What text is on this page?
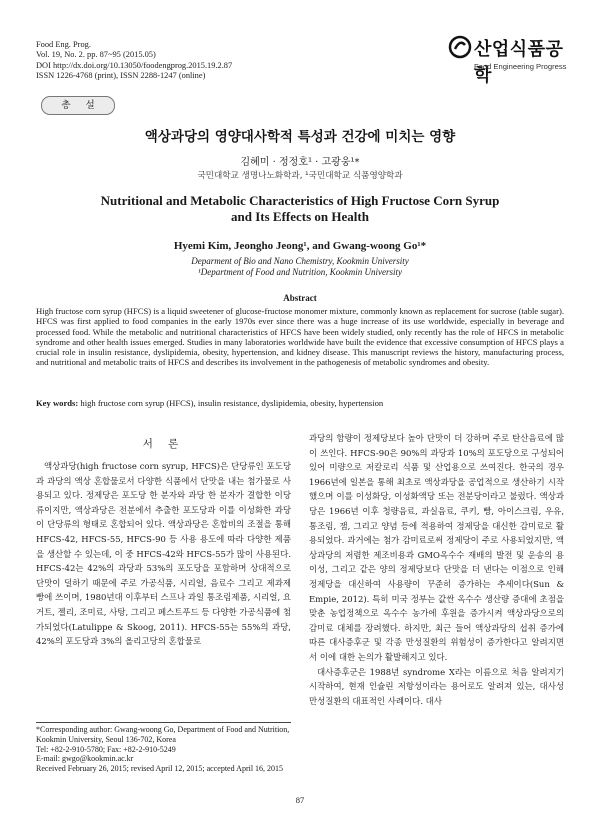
Food Eng. Prog.
Vol. 19, No. 2. pp. 87~95 (2015.05)
DOI http://dx.doi.org/10.13050/foodengprog.2015.19.2.87
ISSN 1226-4768 (print), ISSN 2288-1247 (online)
산업식품공학
Food Engineering Progress
총 설
액상과당의 영양대사학적 특성과 건강에 미치는 영향
김혜미 · 정정호¹ · 고광웅¹*
국민대학교 생명나노화학과, ¹국민대학교 식품영양학과
Nutritional and Metabolic Characteristics of High Fructose Corn Syrup
and Its Effects on Health
Hyemi Kim, Jeongho Jeong¹, and Gwang-woong Go¹*
Deparment of Bio and Nano Chemistry, Kookmin University
¹Department of Food and Nutrition, Kookmin University
Abstract
High fructose corn syrup (HFCS) is a liquid sweetener of glucose-fructose monomer mixture, commonly known as replacement for sucrose (table sugar). HFCS was first applied to food companies in the early 1970s ever since there was a huge increase of its use worldwide, especially in beverage and processed food. While the metabolic and nutritional characteristics of HFCS have been widely studied, only recently has the role of HFCS in metabolic syndrome and other health issues emerged. Studies in many laboratories worldwide have built the evidence that excessive consumption of HFCS plays a crucial role in insulin resistance, dyslipidemia, obesity, hypertension, and kidney disease. This manuscript reviews the history, manufacturing process, and nutritional and metabolic traits of HFCS and describes its involvement in the pathogenesis of metabolic syndromes and obesity.
Key words: high fructose corn syrup (HFCS), insulin resistance, dyslipidemia, obesity, hypertension
서 론

액상과당(high fructose corn syrup, HFCS)은 단당류인 포도당과 과당의 액상 혼합물로서 다양한 식품에서 단맛을 내는 첨가물로 사용되고 있다. 정제당은 포도당 한 분자와 과당 한 분자가 결합한 이당류이지만, 액상과당은 전분에서 추출한 포도당과 이를 이성화한 과당이 단당류의 형태로 혼합되어 있다. 액상과당은 혼합비의 조절을 통해 HFCS-42, HFCS-55, HFCS-90 등 사용 용도에 따라 다양한 제품을 생산할 수 있는데, 이 중 HFCS-42와 HFCS-55가 많이 사용된다. HFCS-42는 42%의 과당과 53%의 포도당을 포함하며 상대적으로 단맛이 덜하기 때문에 주로 가공식품, 시리얼, 음료수 그리고 제과제빵에 쓰이며, 1980년대 이후부터 스프나 과일 통조림제품, 시리얼, 요거트, 젤리, 조미료, 사탕, 그리고 페스트푸드 등 다양한 가공식품에 첨가되었다(Latulippe & Skoog, 2011). HFCS-55는 55%의 과당, 42%의 포도당과 3%의 올리고당의 혼합물로

과당의 함량이 정제당보다 높아 단맛이 더 강하며 주로 탄산음료에 많이 쓰인다. HFCS-90은 90%의 과당과 10%의 포도당으로 구성되어 있어 미량으로 저칼로리 식품 및 산업용으로 쓰여진다. 한국의 경우 1966년에 일본을 통해 최초로 액상과당을 공업적으로 생산하기 시작했으며 이를 이성화당, 이성화액당 또는 전분당이라고 불렀다. 액상과당은 1966년 이후 청량음료, 과실음료, 쿠키, 빵, 아이스크림, 우유, 통조림, 잼, 그리고 양념 등에 적용하여 정제당을 대신한 감미료로 활용되었다. 과거에는 첨가 감미료로써 정제당이 주로 사용되었지만, 액상과당의 저렴한 제조비용과 GMO옥수수 재배의 발전 및 운송의 용이성, 그리고 같은 양의 정제당보다 단맛을 더 낸다는 이점으로 인해 정제당을 대신하여 사용량이 꾸준히 증가하는 추세이다(Sun & Empie, 2012). 특히 미국 정부는 값싼 옥수수 생산량 증대에 초점을 맞춘 농업정책으로 옥수수 농가에 후원을 증가시켜 액상과당으로의 감미료 대체를 장려했다. 하지만, 최근 들어 액상과당의 섭취 증가에 따른 대사증후군 및 각종 만성질환의 위험성이 증가한다고 알려지면서 이에 대한 논의가 활발해지고 있다.

대사증후군은 1988년 syndrome X라는 이름으로 처음 알려지기 시작하여, 현재 인슐린 저항성이라는 용어로도 알려져 있는, 대사성 만성질환의 대표적인 사례이다. 대사

*Corresponding author: Gwang-woong Go, Department of Food and Nutrition, Kookmin University, Seoul 136-702, Korea
Tel: +82-2-910-5780; Fax: +82-2-910-5249
E-mail: gwgo@kookmin.ac.kr
Received February 26, 2015; revised April 12, 2015; accepted April 16, 2015
87
